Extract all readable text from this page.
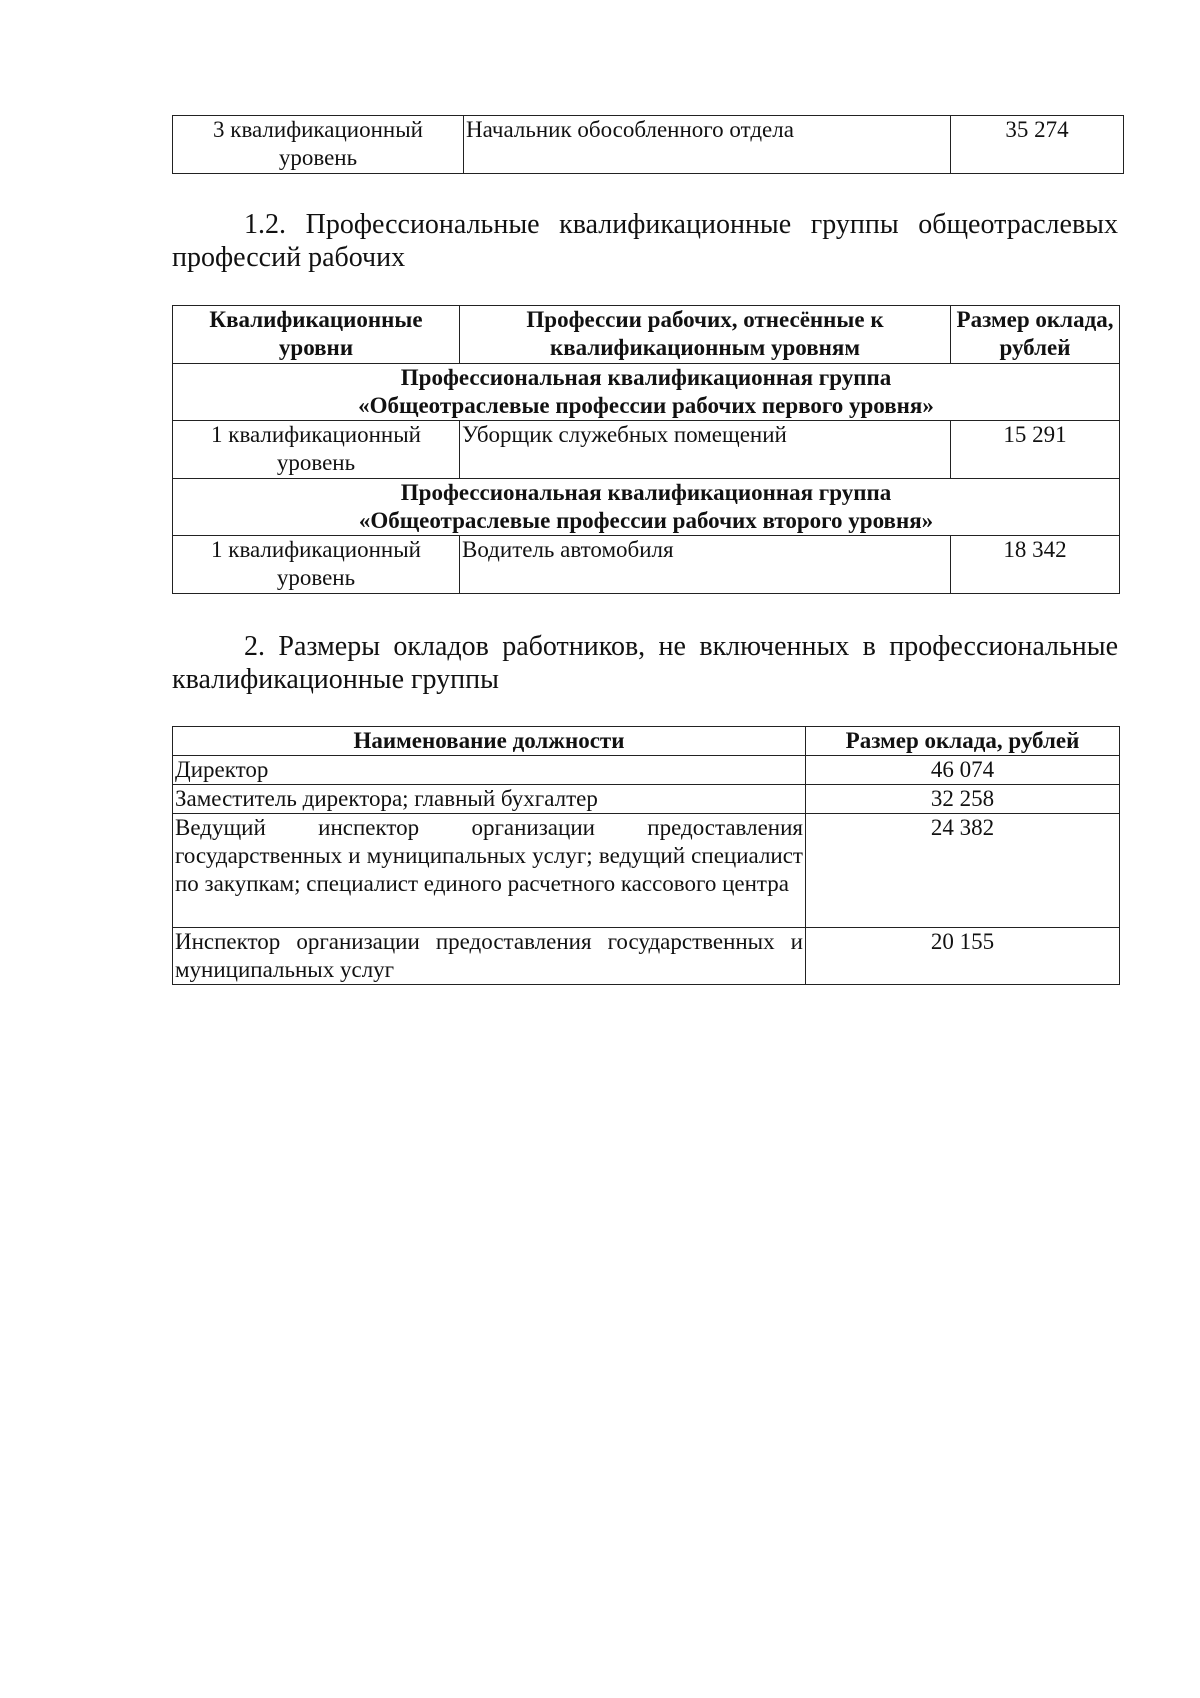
3 квалификационный уровень	Начальник обособленного отдела	35 274

1.2. Профессиональные квалификационные группы общеотраслевых профессий рабочих

Квалификационные уровни	Профессии рабочих, отнесённые к квалификационным уровням	Размер оклада, рублей

Профессиональная квалификационная группа
«Общеотраслевые профессии рабочих первого уровня»		

1 квалификационный уровень	Уборщик служебных помещений	15 291

Профессиональная квалификационная группа
«Общеотраслевые профессии рабочих второго уровня»		

1 квалификационный уровень	Водитель автомобиля	18 342

2. Размеры окладов работников, не включенных в профессиональные квалификационные группы

Наименование должности	Размер оклада, рублей
Директор	46 074
Заместитель директора; главный бухгалтер	32 258
Ведущий инспектор организации предоставления государственных и муниципальных услуг; ведущий специалист по закупкам; специалист единого расчетного кассового центра	24 382
Инспектор организации предоставления государственных и муниципальных услуг	20 155
